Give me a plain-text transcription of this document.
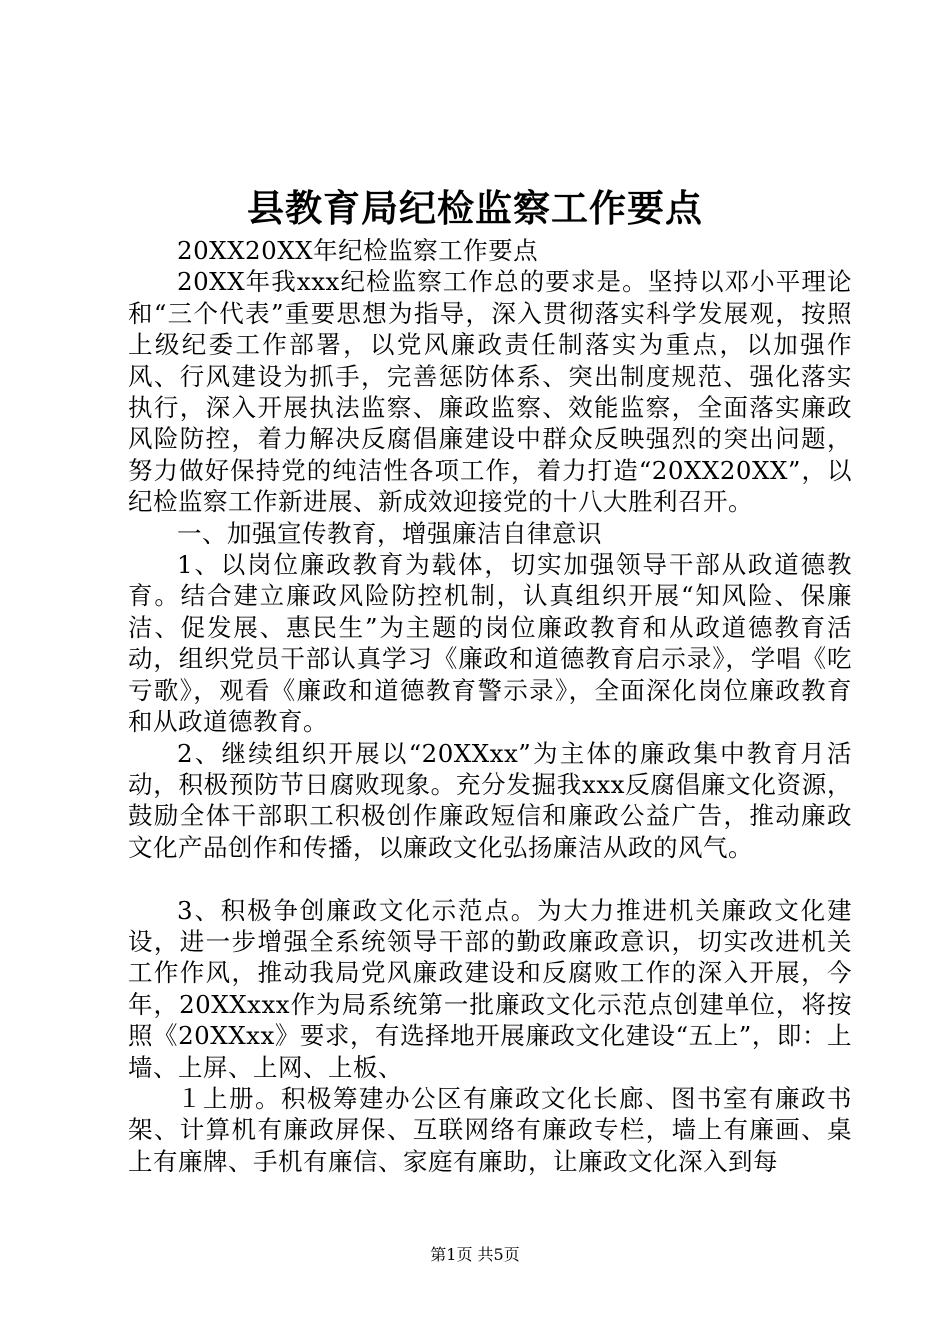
县教育局纪检监察工作要点

20XX20XX年纪检监察工作要点

20XX年我xxx纪检监察工作总的要求是。坚持以邓小平理论和“三个代表”重要思想为指导，深入贯彻落实科学发展观，按照上级纪委工作部署，以党风廉政责任制落实为重点，以加强作风、行风建设为抓手，完善惩防体系、突出制度规范、强化落实执行，深入开展执法监察、廉政监察、效能监察，全面落实廉政风险防控，着力解决反腐倡廉建设中群众反映强烈的突出问题，努力做好保持党的纯洁性各项工作，着力打造“20XX20XX”，以纪检监察工作新进展、新成效迎接党的十八大胜利召开。

一、加强宣传教育，增强廉洁自律意识

1、以岗位廉政教育为载体，切实加强领导干部从政道德教育。结合建立廉政风险防控机制，认真组织开展“知风险、保廉洁、促发展、惠民生”为主题的岗位廉政教育和从政道德教育活动，组织党员干部认真学习《廉政和道德教育启示录》，学唱《吃亏歌》，观看《廉政和道德教育警示录》，全面深化岗位廉政教育和从政道德教育。

2、继续组织开展以“20XXxx”为主体的廉政集中教育月活动，积极预防节日腐败现象。充分发掘我xxx反腐倡廉文化资源，鼓励全体干部职工积极创作廉政短信和廉政公益广告，推动廉政文化产品创作和传播，以廉政文化弘扬廉洁从政的风气。

3、积极争创廉政文化示范点。为大力推进机关廉政文化建设，进一步增强全系统领导干部的勤政廉政意识，切实改进机关工作作风，推动我局党风廉政建设和反腐败工作的深入开展，今年，20XXxxx作为局系统第一批廉政文化示范点创建单位，将按照《20XXxx》要求，有选择地开展廉政文化建设“五上”，即：上墙、上屏、上网、上板、

１上册。积极筹建办公区有廉政文化长廊、图书室有廉政书架、计算机有廉政屏保、互联网络有廉政专栏，墙上有廉画、桌上有廉牌、手机有廉信、家庭有廉助，让廉政文化深入到每

第1页 共5页
